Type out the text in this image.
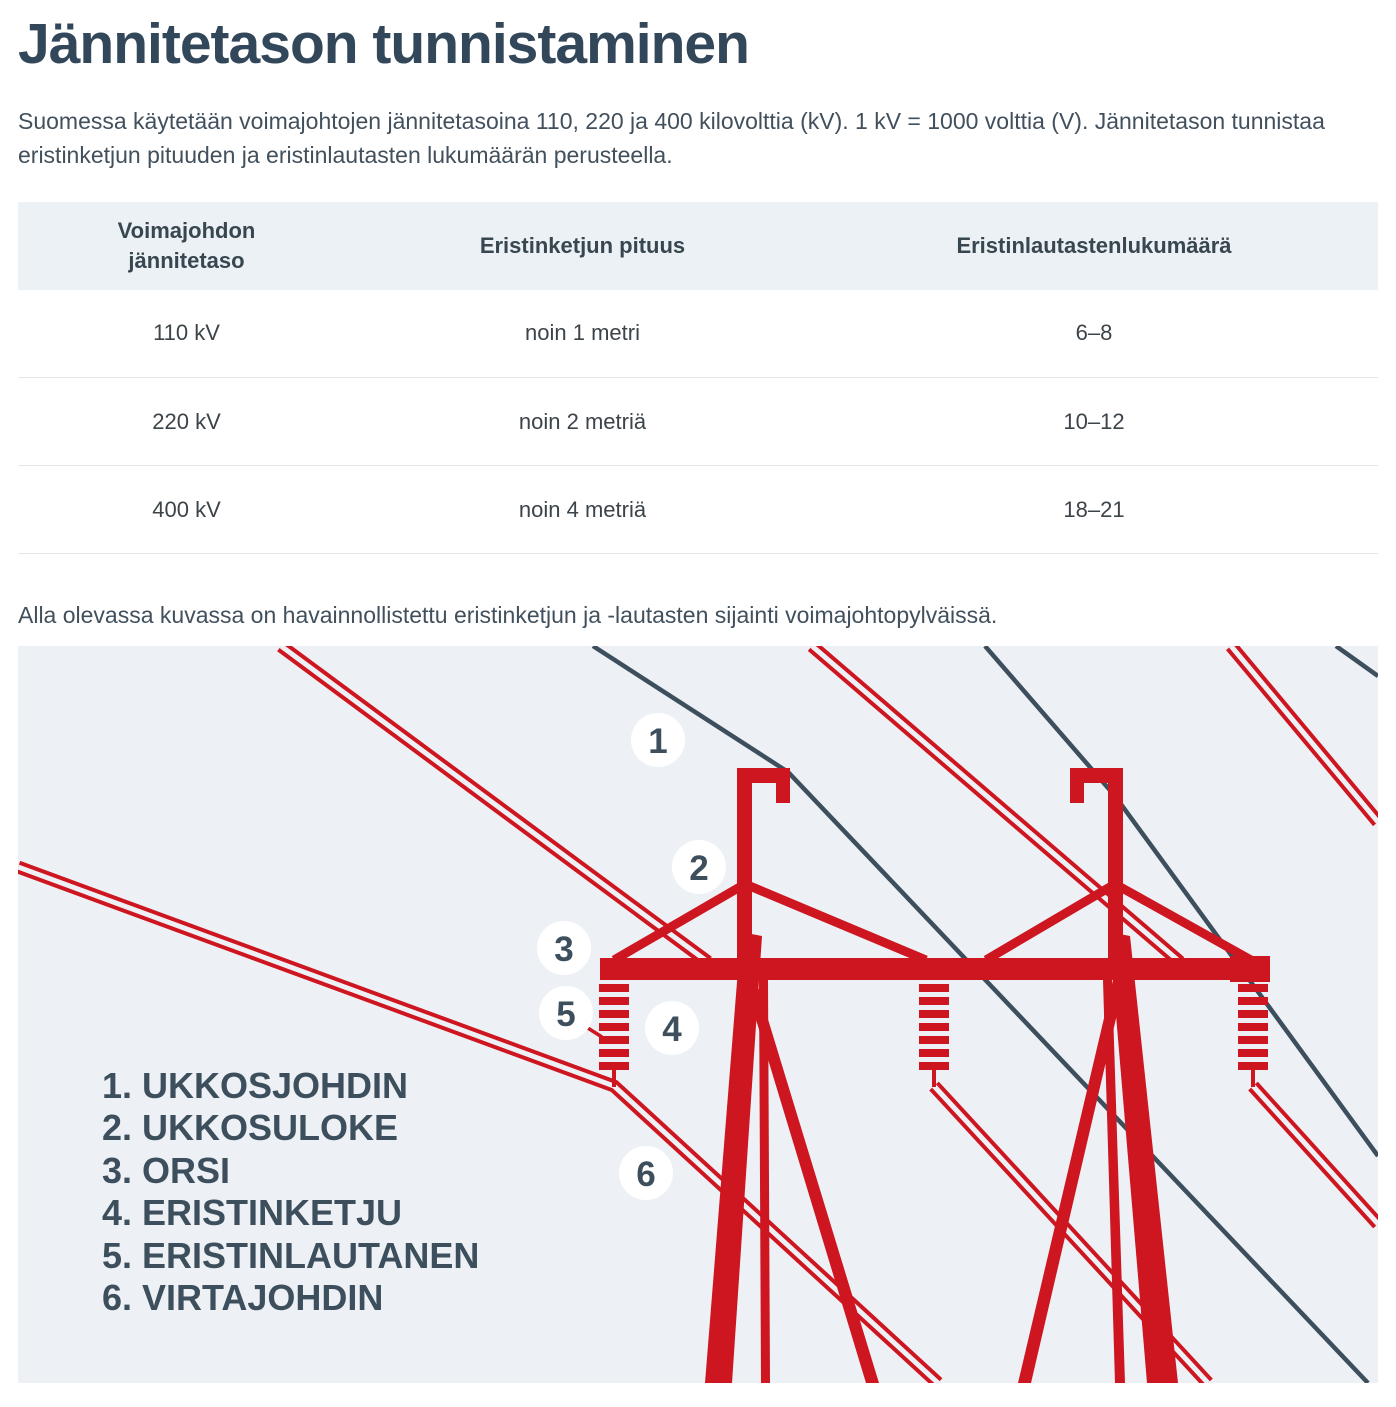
Jännitetason tunnistaminen

Suomessa käytetään voimajohtojen jännitetasoina 110, 220 ja 400 kilovolttia (kV). 1 kV = 1000 volttia (V). Jännitetason tunnistaa eristinketjun pituuden ja eristinlautasten lukumäärän perusteella.

Voimajohdon jännitetaso	Eristinketjun pituus	Eristinlautastenlukumäärä
110 kV	noin 1 metri	6–8
220 kV	noin 2 metriä	10–12
400 kV	noin 4 metriä	18–21

Alla olevassa kuvassa on havainnollistettu eristinketjun ja -lautasten sijainti voimajohtopylväissä.

1
2
3
4
5
6
1. UKKOSJOHDIN
2. UKKOSULOKE
3. ORSI
4. ERISTINKETJU
5. ERISTINLAUTANEN
6. VIRTAJOHDIN
